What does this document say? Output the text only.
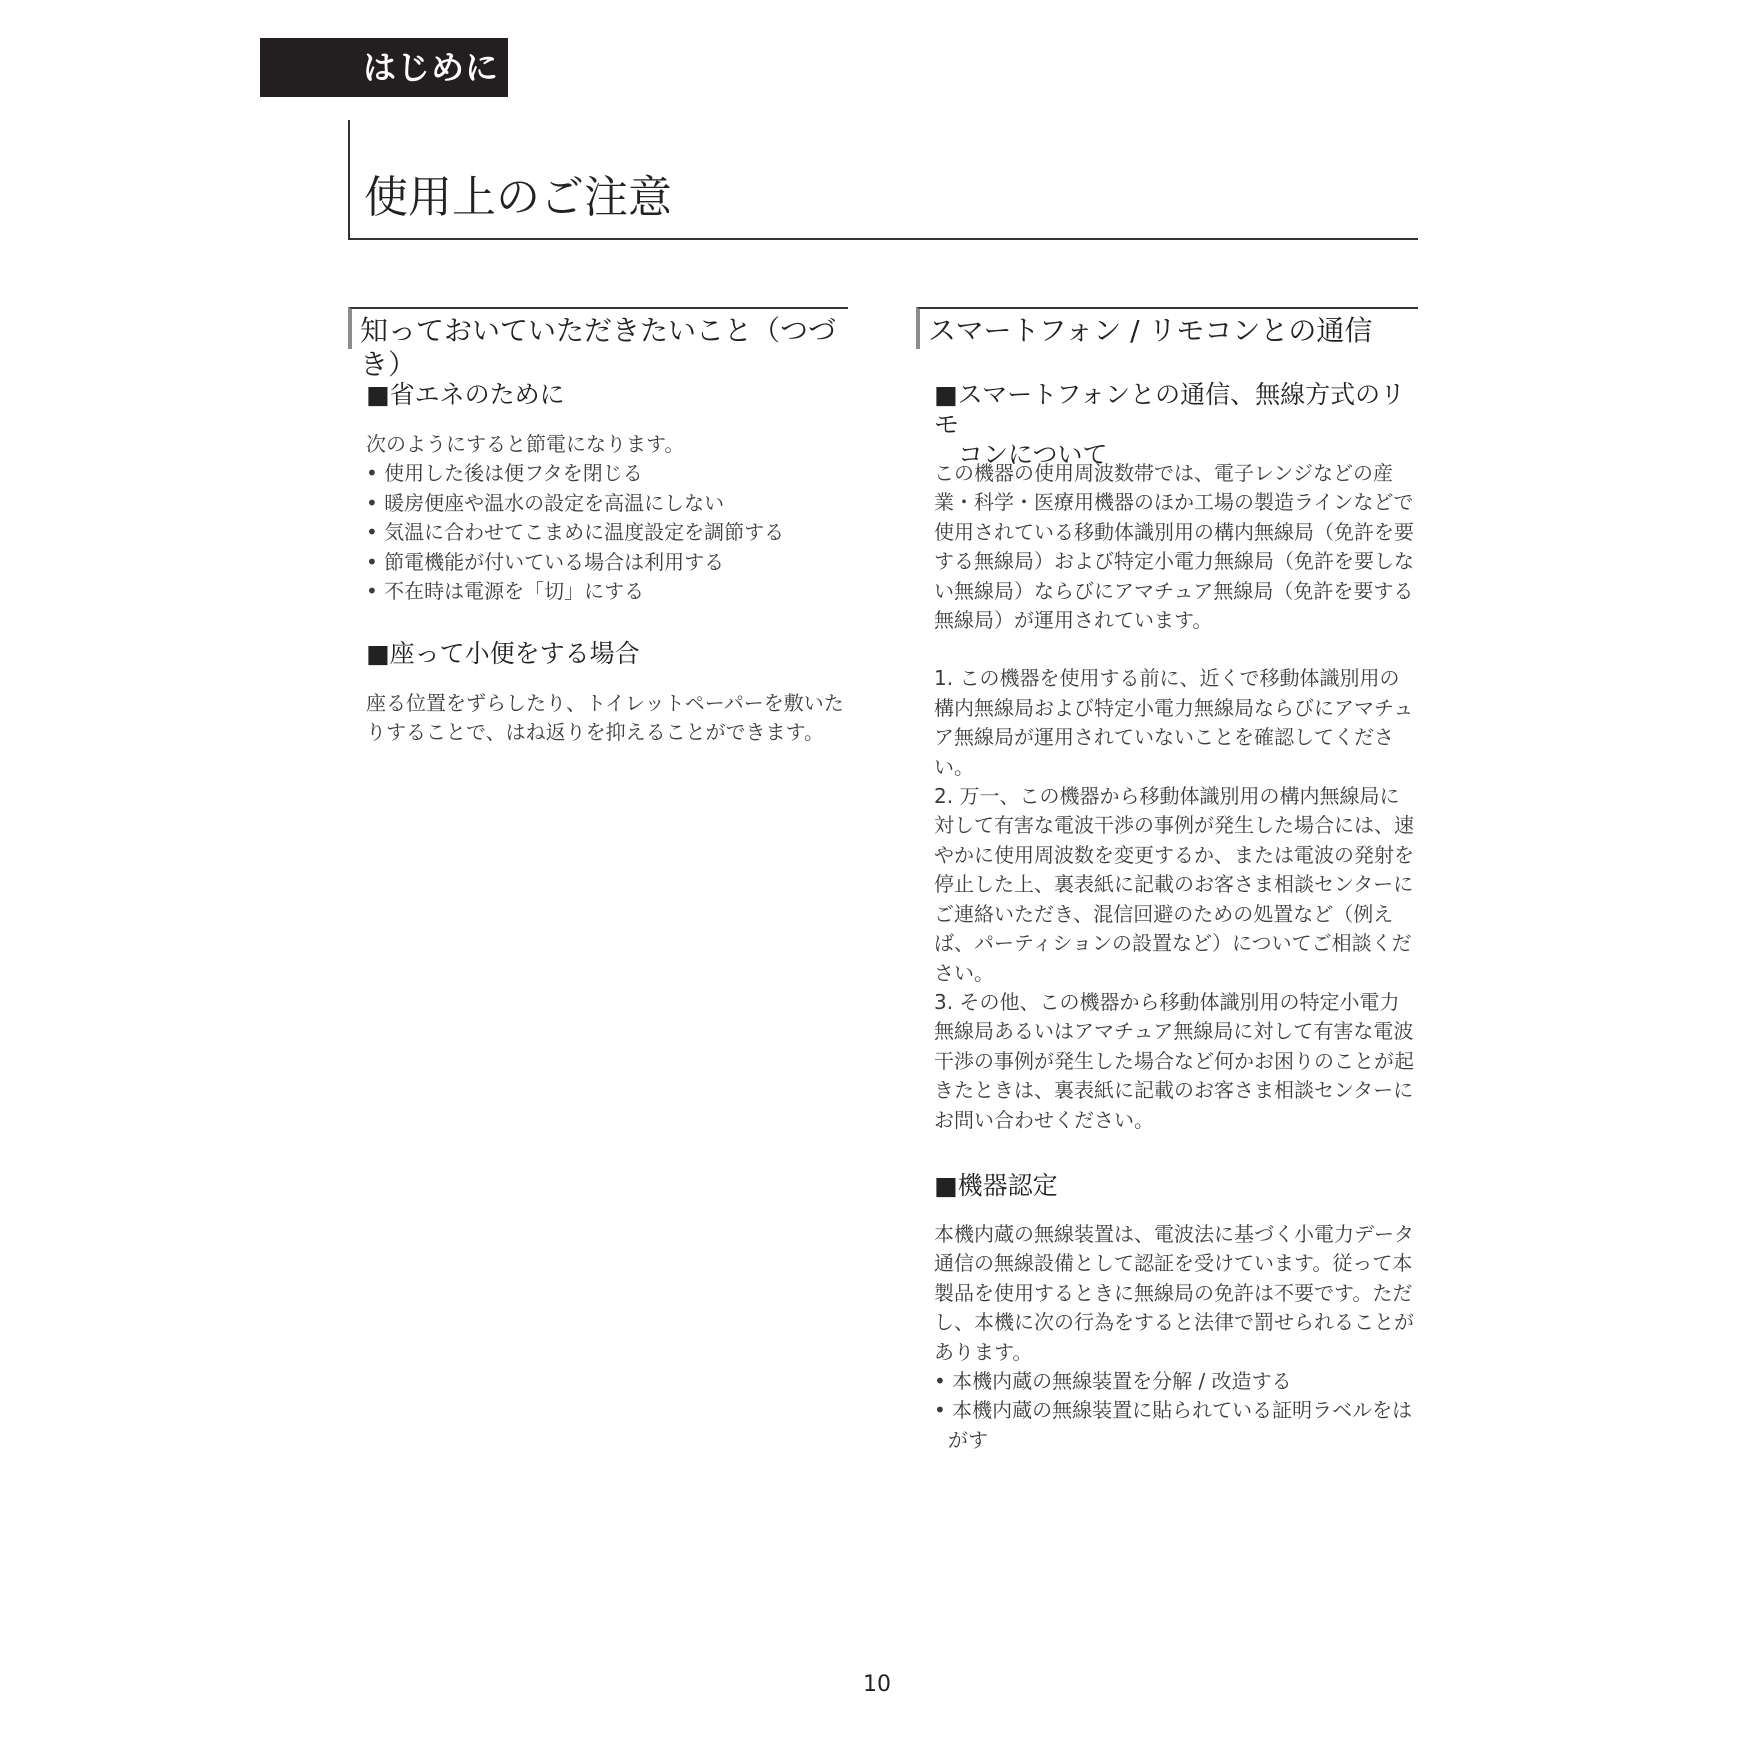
はじめに
使用上のご注意
知っておいていただきたいこと（つづき）
■省エネのために

次のようにすると節電になります。

• 使用した後は便フタを閉じる
• 暖房便座や温水の設定を高温にしない
• 気温に合わせてこまめに温度設定を調節する
• 節電機能が付いている場合は利用する
• 不在時は電源を「切」にする
■座って小便をする場合

座る位置をずらしたり、トイレットペーパーを敷いたりすることで、はね返りを抑えることができます。

スマートフォン / リモコンとの通信
■スマートフォンとの通信、無線方式のリモ
コンについて

この機器の使用周波数帯では、電子レンジなどの産業・科学・医療用機器のほか工場の製造ラインなどで使用されている移動体識別用の構内無線局（免許を要する無線局）および特定小電力無線局（免許を要しない無線局）ならびにアマチュア無線局（免許を要する無線局）が運用されています。

1. この機器を使用する前に、近くで移動体識別用の構内無線局および特定小電力無線局ならびにアマチュア無線局が運用されていないことを確認してください。

2. 万一、この機器から移動体識別用の構内無線局に対して有害な電波干渉の事例が発生した場合には、速やかに使用周波数を変更するか、または電波の発射を停止した上、裏表紙に記載のお客さま相談センターにご連絡いただき、混信回避のための処置など（例えば、パーティションの設置など）についてご相談ください。

3. その他、この機器から移動体識別用の特定小電力無線局あるいはアマチュア無線局に対して有害な電波干渉の事例が発生した場合など何かお困りのことが起きたときは、裏表紙に記載のお客さま相談センターにお問い合わせください。

■機器認定

本機内蔵の無線装置は、電波法に基づく小電力データ通信の無線設備として認証を受けています。従って本製品を使用するときに無線局の免許は不要です。ただし、本機に次の行為をすると法律で罰せられることがあります。

• 本機内蔵の無線装置を分解 / 改造する
• 本機内蔵の無線装置に貼られている証明ラベルをはがす
10
